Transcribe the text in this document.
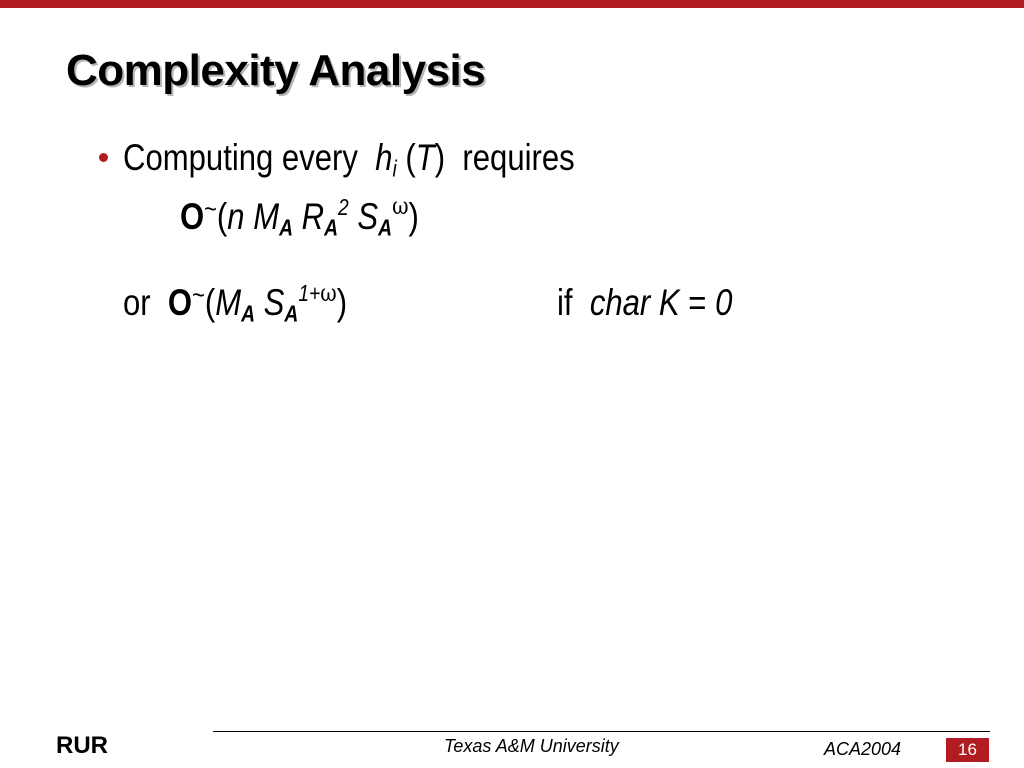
Complexity Analysis
Computing every $h_i$ (T) requires
O~(n $M_A$ $R_A^2$ $S_A^\omega$)
or $O^\sim(M_A$ $S_A^{1+\omega}$)	if char K = 0
RUR	Texas A&M University	ACA2004	16
